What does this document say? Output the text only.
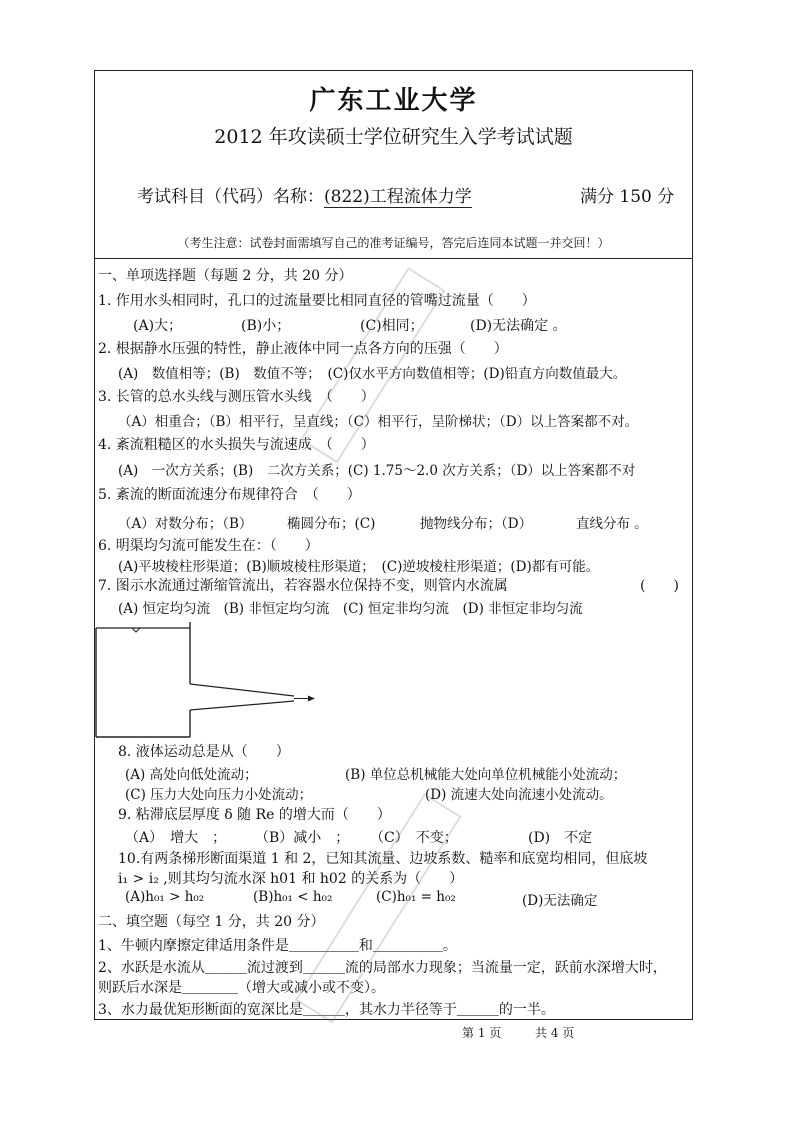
广东工业大学
2012 年攻读硕士学位研究生入学考试试题
考试科目（代码）名称：(822)工程流体力学	满分 150 分
（考生注意：试卷封面需填写自己的准考证编号，答完后连同本试题一并交回！）
一、单项选择题（每题 2 分，共 20 分）
1. 作用水头相同时，孔口的过流量要比相同直径的管嘴过流量（　　）
(A)大；	(B)小；	(C)相同；	(D)无法确定 。
2. 根据静水压强的特性，静止液体中同一点各方向的压强（　　）
(A)　数值相等；(B)　数值不等；　(C)仅水平方向数值相等；(D)铅直方向数值最大。
3. 长管的总水头线与测压管水头线　（　　）
（A）相重合；（B）相平行，呈直线；（C）相平行，呈阶梯状；（D）以上答案都不对。
4. 紊流粗糙区的水头损失与流速成　（　　）
(A)　一次方关系；(B)　二次方关系；(C) 1.75～2.0 次方关系；（D）以上答案都不对
5. 紊流的断面流速分布规律符合　（　　）
（A）对数分布；（B）	椭圆分布；(C)	抛物线分布；（D）	直线分布 。
6. 明渠均匀流可能发生在：（　　）
(A)平坡棱柱形渠道；(B)顺坡棱柱形渠道；　(C)逆坡棱柱形渠道；(D)都有可能。
7. 图示水流通过渐缩管流出，若容器水位保持不变，则管内水流属	(　　)
(A) 恒定均匀流　(B) 非恒定均匀流　(C) 恒定非均匀流　(D) 非恒定非均匀流
8. 液体运动总是从（　　）
(A) 高处向低处流动；	(B) 单位总机械能大处向单位机械能小处流动；
(C) 压力大处向压力小处流动；	(D) 流速大处向流速小处流动。
9. 粘滞底层厚度 δ 随 Re 的增大而（　　）
（A）　增大　； （B）减小　； （C）　不变；	(D)　不定
10.有两条梯形断面渠道 1 和 2，已知其流量、边坡系数、糙率和底宽均相同，但底坡
i₁ > i₂ ,则其均匀流水深 h01 和 h02 的关系为（　　）
(A)h₀₁ > h₀₂	(B)h₀₁ < h₀₂	(C)h₀₁ = h₀₂	(D)无法确定
二、填空题（每空 1 分，共 20 分）
1、牛顿内摩擦定律适用条件是＿＿＿＿＿和＿＿＿＿＿。
2、水跃是水流从＿＿＿流过渡到＿＿＿流的局部水力现象；当流量一定，跃前水深增大时，
则跃后水深是＿＿＿＿（增大或减小或不变）。
3、水力最优矩形断面的宽深比是＿＿＿，其水力半径等于＿＿＿的一半。
第 1 页	共 4 页
